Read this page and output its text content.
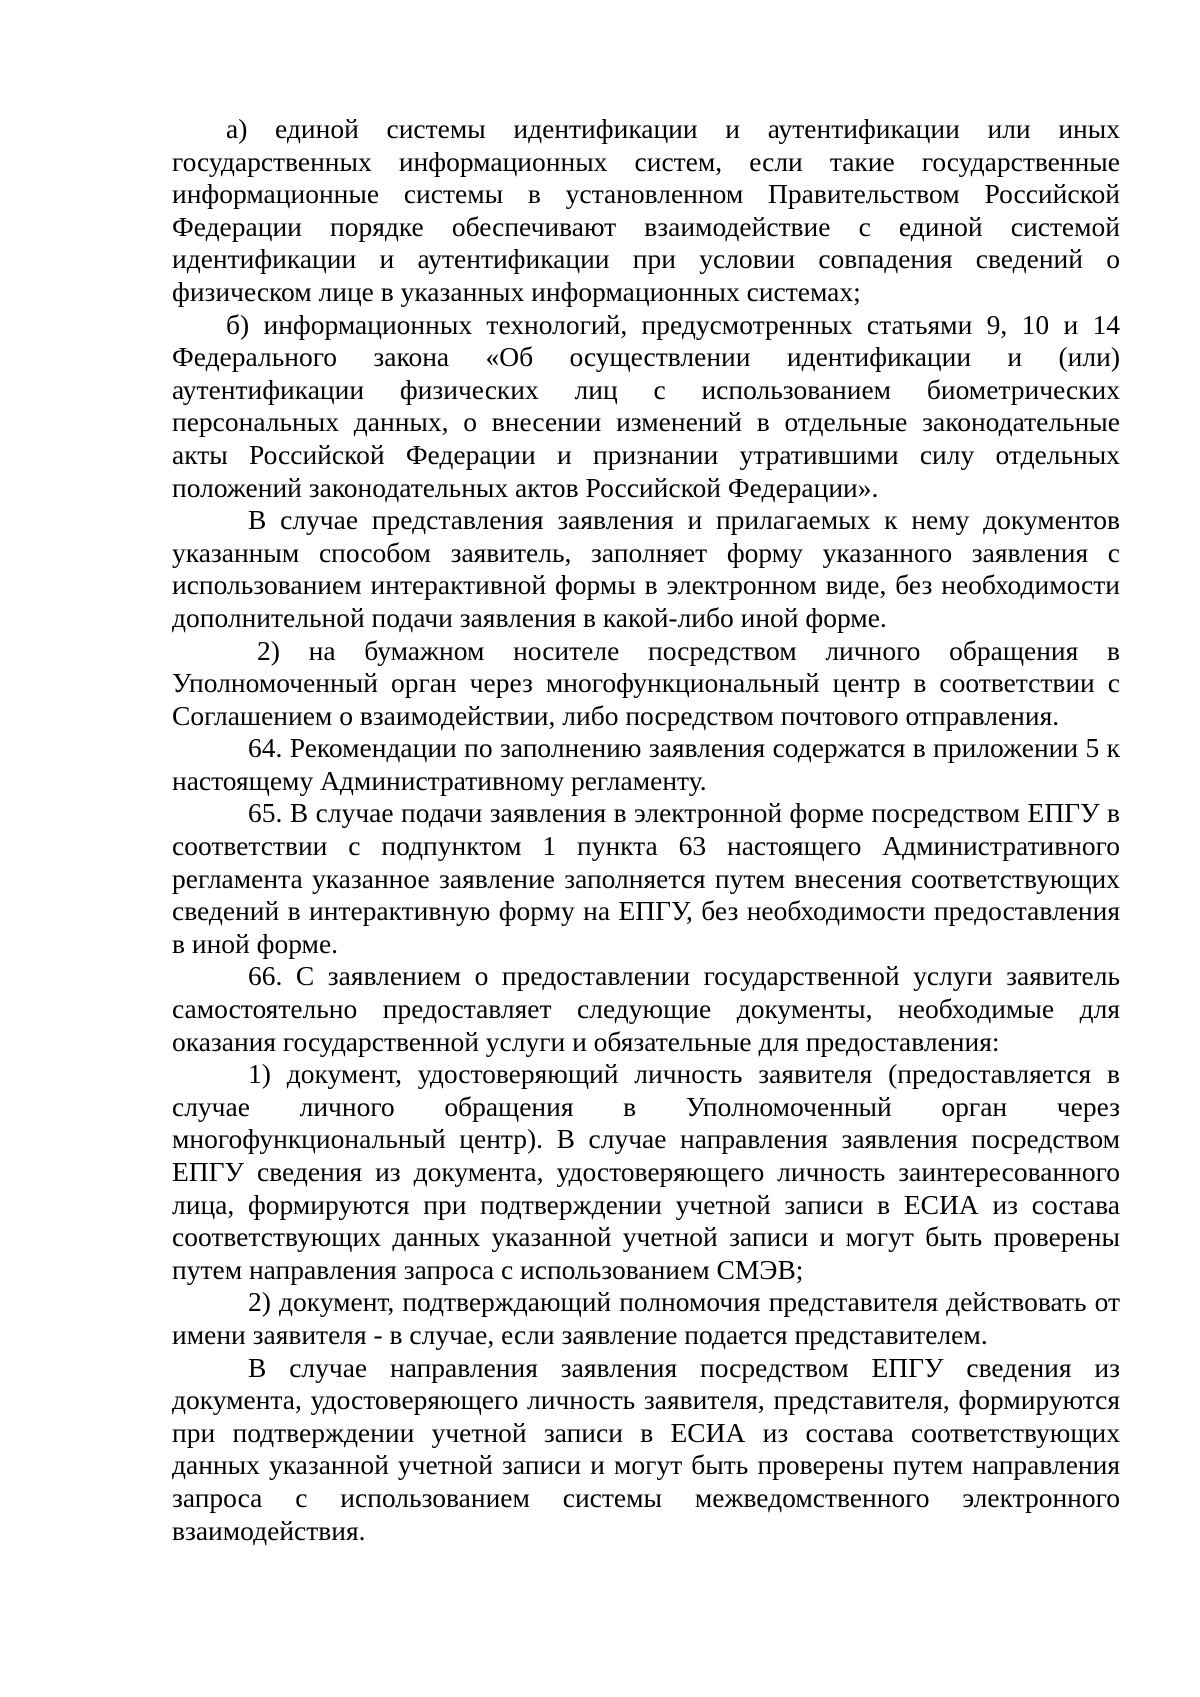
а) единой системы идентификации и аутентификации или иных государственных информационных систем, если такие государственные информационные системы в установленном Правительством Российской Федерации порядке обеспечивают взаимодействие с единой системой идентификации и аутентификации при условии совпадения сведений о физическом лице в указанных информационных системах;

б) информационных технологий, предусмотренных статьями 9, 10 и 14 Федерального закона «Об осуществлении идентификации и (или) аутентификации физических лиц с использованием биометрических персональных данных, о внесении изменений в отдельные законодательные акты Российской Федерации и признании утратившими силу отдельных положений законодательных актов Российской Федерации».

В случае представления заявления и прилагаемых к нему документов указанным способом заявитель, заполняет форму указанного заявления с использованием интерактивной формы в электронном виде, без необходимости дополнительной подачи заявления в какой-либо иной форме.

2) на бумажном носителе посредством личного обращения в Уполномоченный орган через многофункциональный центр в соответствии с Соглашением о взаимодействии, либо посредством почтового отправления.

64. Рекомендации по заполнению заявления содержатся в приложении 5 к настоящему Административному регламенту.

65. В случае подачи заявления в электронной форме посредством ЕПГУ в соответствии с подпунктом 1 пункта 63 настоящего Административного регламента указанное заявление заполняется путем внесения соответствующих сведений в интерактивную форму на ЕПГУ, без необходимости предоставления в иной форме.

66. С заявлением о предоставлении государственной услуги заявитель самостоятельно предоставляет следующие документы, необходимые для оказания государственной услуги и обязательные для предоставления:

1) документ, удостоверяющий личность заявителя (предоставляется в случае личного обращения в Уполномоченный орган через многофункциональный центр). В случае направления заявления посредством ЕПГУ сведения из документа, удостоверяющего личность заинтересованного лица, формируются при подтверждении учетной записи в ЕСИА из состава соответствующих данных указанной учетной записи и могут быть проверены путем направления запроса с использованием СМЭВ;

2) документ, подтверждающий полномочия представителя действовать от имени заявителя - в случае, если заявление подается представителем.

В случае направления заявления посредством ЕПГУ сведения из документа, удостоверяющего личность заявителя, представителя, формируются при подтверждении учетной записи в ЕСИА из состава соответствующих данных указанной учетной записи и могут быть проверены путем направления запроса с использованием системы межведомственного электронного взаимодействия.
